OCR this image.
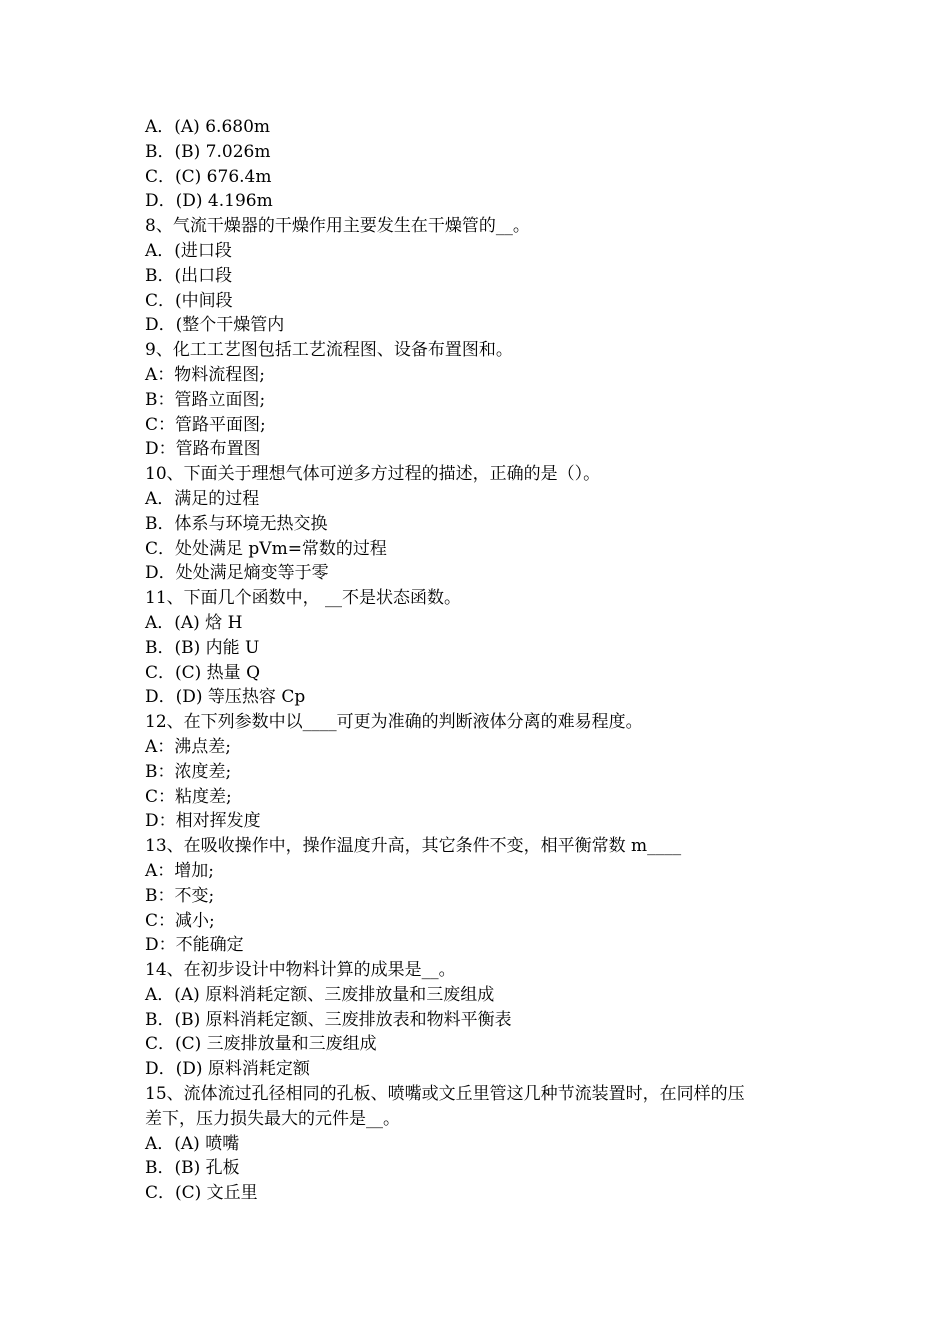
A．(A) 6.680m
B．(B) 7.026m
C．(C) 676.4m
D．(D) 4.196m
8、气流干燥器的干燥作用主要发生在干燥管的__。
A．(进口段
B．(出口段
C．(中间段
D．(整个干燥管内
9、化工工艺图包括工艺流程图、设备布置图和。
A：物料流程图;
B：管路立面图;
C：管路平面图;
D：管路布置图
10、下面关于理想气体可逆多方过程的描述，正确的是（）。
A．满足的过程
B．体系与环境无热交换
C．处处满足 pVm=常数的过程
D．处处满足熵变等于零
11、下面几个函数中， __不是状态函数。
A．(A) 焓 H
B．(B) 内能 U
C．(C) 热量 Q
D．(D) 等压热容 Cp
12、在下列参数中以____可更为准确的判断液体分离的难易程度。
A：沸点差;
B：浓度差;
C：粘度差;
D：相对挥发度
13、在吸收操作中，操作温度升高，其它条件不变，相平衡常数 m____
A：增加;
B：不变;
C：减小;
D：不能确定
14、在初步设计中物料计算的成果是__。
A．(A) 原料消耗定额、三废排放量和三废组成
B．(B) 原料消耗定额、三废排放表和物料平衡表
C．(C) 三废排放量和三废组成
D．(D) 原料消耗定额
15、流体流过孔径相同的孔板、喷嘴或文丘里管这几种节流装置时，在同样的压
差下，压力损失最大的元件是__。
A．(A) 喷嘴
B．(B) 孔板
C．(C) 文丘里
